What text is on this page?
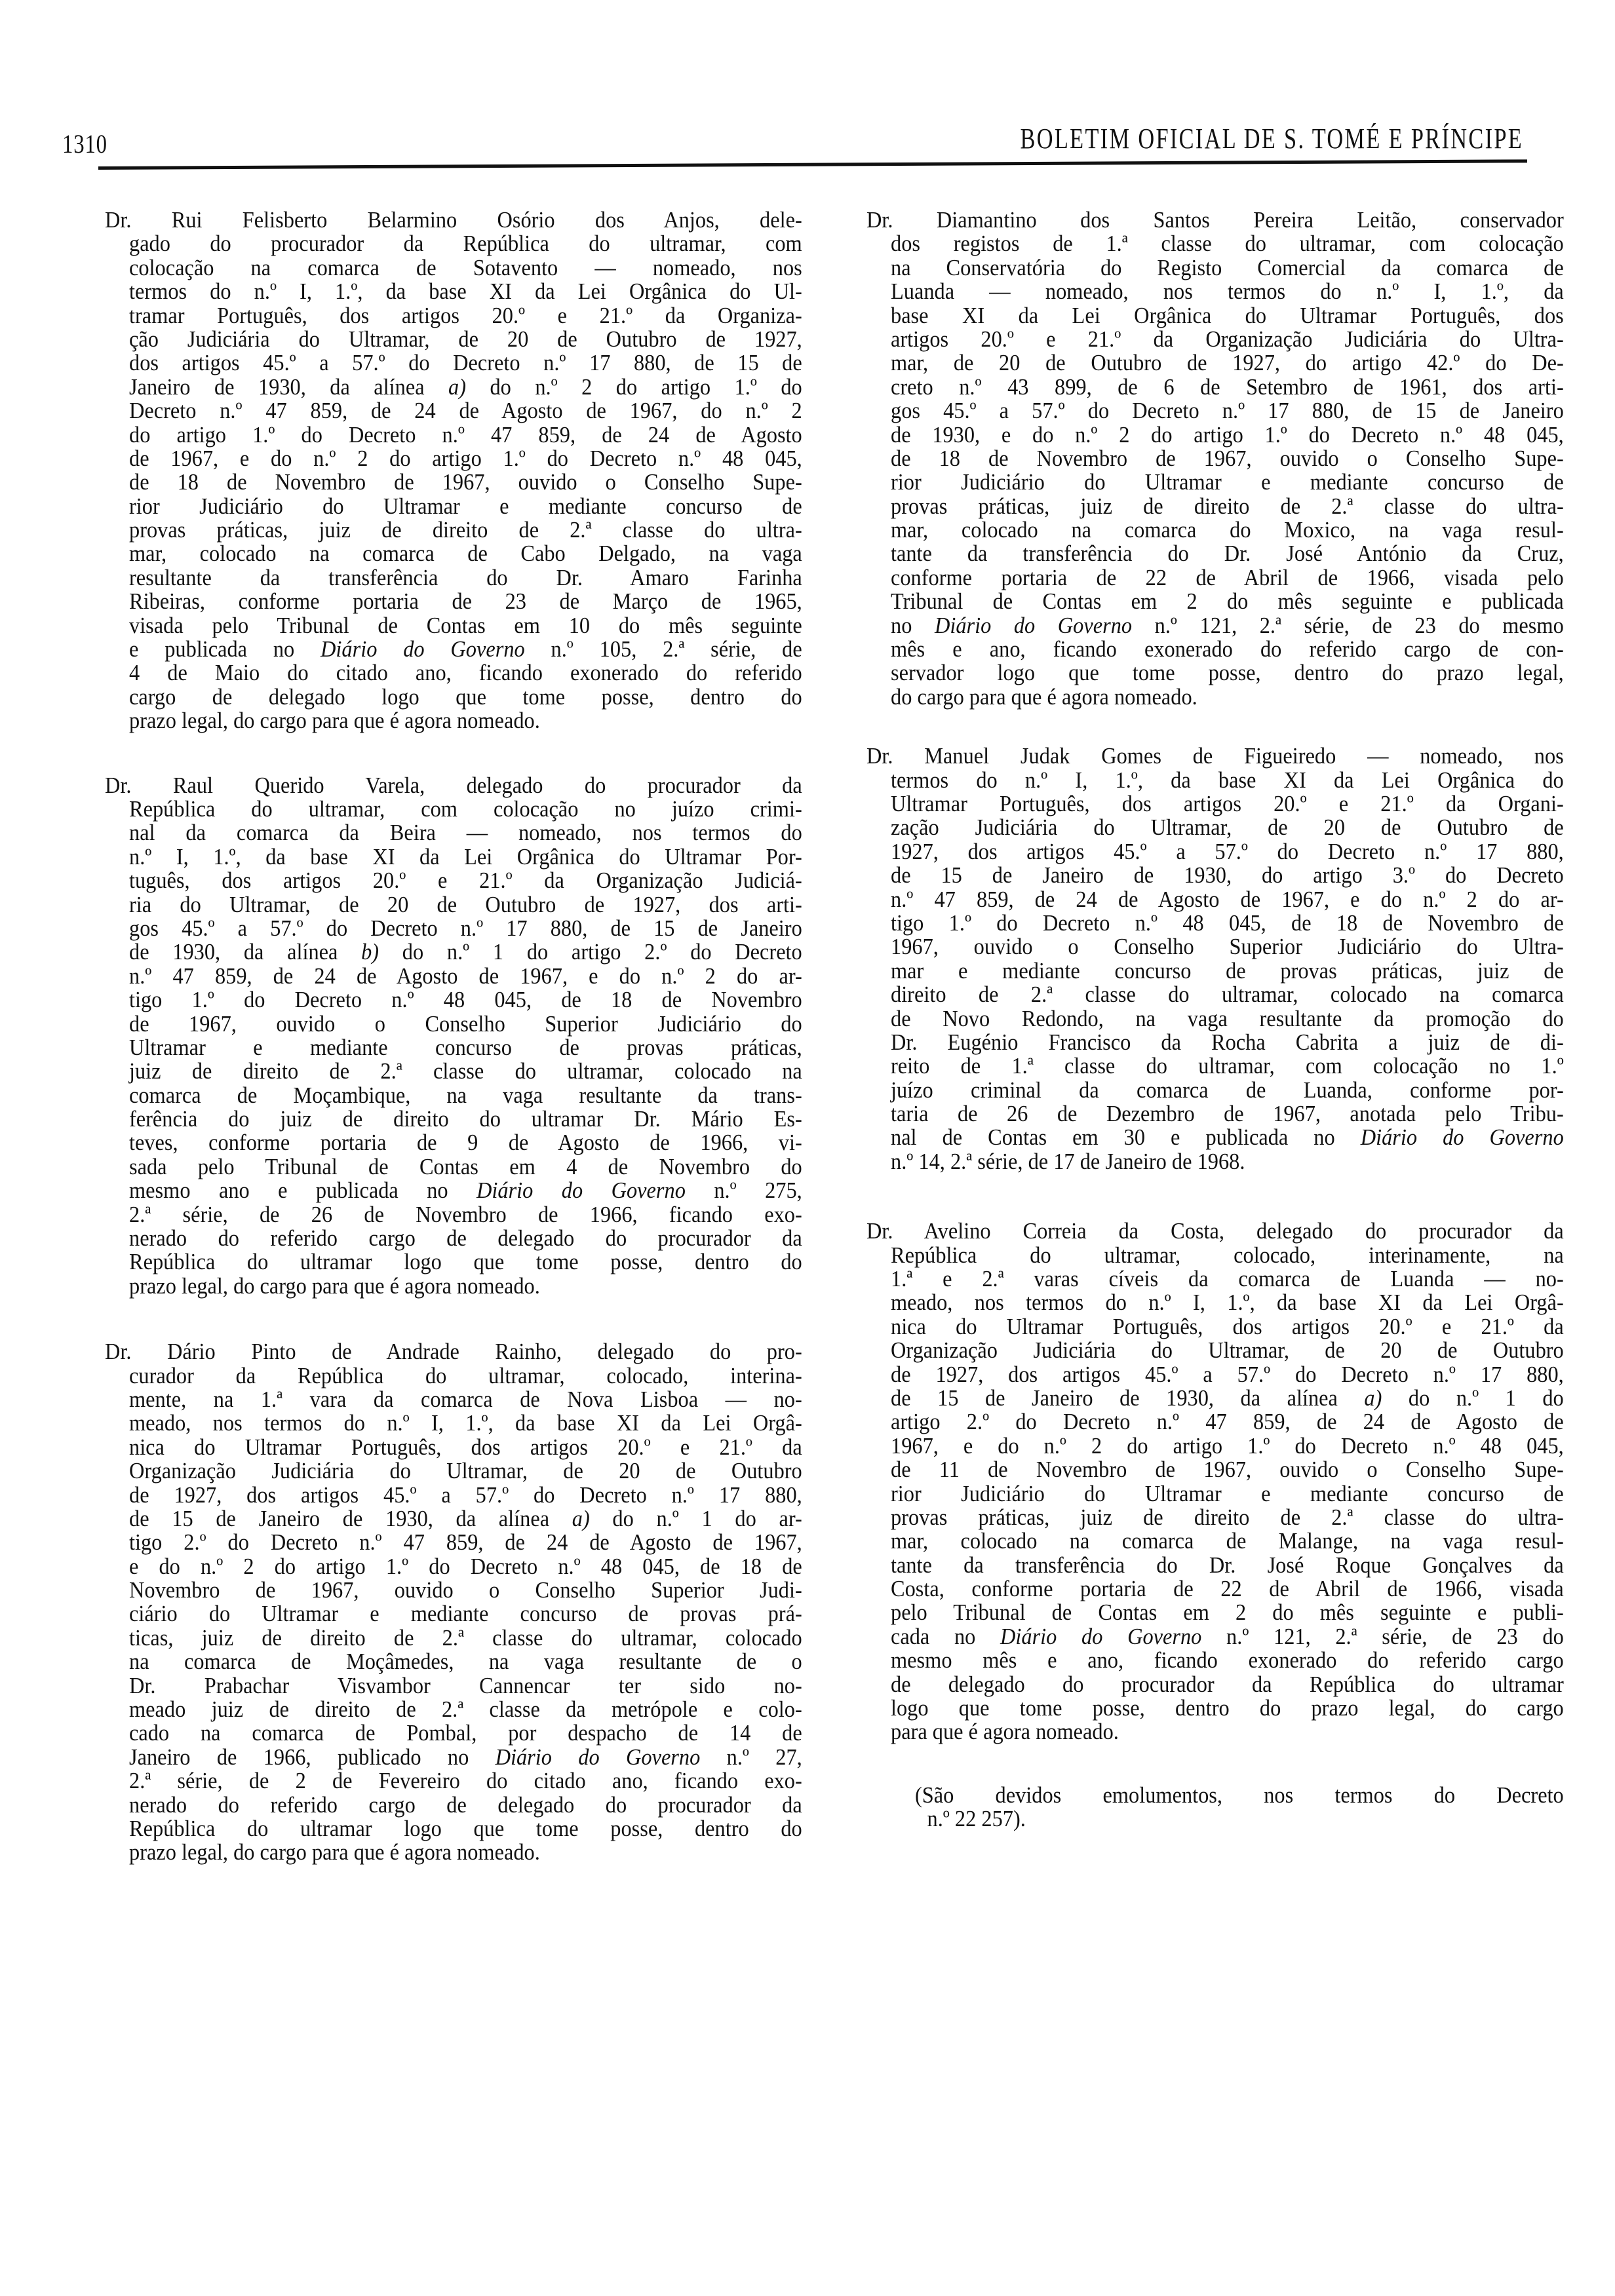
1310	BOLETIM OFICIAL DE S. TOMÉ E PRÍNCIPE
Dr. Rui Felisberto Belarmino Osório dos Anjos, dele-
gado do procurador da República do ultramar, com
colocação na comarca de Sotavento — nomeado, nos
termos do n.º I, 1.º, da base XI da Lei Orgânica do Ul-
tramar Português, dos artigos 20.º e 21.º da Organiza-
ção Judiciária do Ultramar, de 20 de Outubro de 1927,
dos artigos 45.º a 57.º do Decreto n.º 17 880, de 15 de
Janeiro de 1930, da alínea a) do n.º 2 do artigo 1.º do
Decreto n.º 47 859, de 24 de Agosto de 1967, do n.º 2
do artigo 1.º do Decreto n.º 47 859, de 24 de Agosto
de 1967, e do n.º 2 do artigo 1.º do Decreto n.º 48 045,
de 18 de Novembro de 1967, ouvido o Conselho Supe-
rior Judiciário do Ultramar e mediante concurso de
provas práticas, juiz de direito de 2.ª classe do ultra-
mar, colocado na comarca de Cabo Delgado, na vaga
resultante da transferência do Dr. Amaro Farinha
Ribeiras, conforme portaria de 23 de Março de 1965,
visada pelo Tribunal de Contas em 10 do mês seguinte
e publicada no Diário do Governo n.º 105, 2.ª série, de
4 de Maio do citado ano, ficando exonerado do referido
cargo de delegado logo que tome posse, dentro do
prazo legal, do cargo para que é agora nomeado.
Dr. Raul Querido Varela, delegado do procurador da
República do ultramar, com colocação no juízo crimi-
nal da comarca da Beira — nomeado, nos termos do
n.º I, 1.º, da base XI da Lei Orgânica do Ultramar Por-
tuguês, dos artigos 20.º e 21.º da Organização Judiciá-
ria do Ultramar, de 20 de Outubro de 1927, dos arti-
gos 45.º a 57.º do Decreto n.º 17 880, de 15 de Janeiro
de 1930, da alínea b) do n.º 1 do artigo 2.º do Decreto
n.º 47 859, de 24 de Agosto de 1967, e do n.º 2 do ar-
tigo 1.º do Decreto n.º 48 045, de 18 de Novembro
de 1967, ouvido o Conselho Superior Judiciário do
Ultramar e mediante concurso de provas práticas,
juiz de direito de 2.ª classe do ultramar, colocado na
comarca de Moçambique, na vaga resultante da trans-
ferência do juiz de direito do ultramar Dr. Mário Es-
teves, conforme portaria de 9 de Agosto de 1966, vi-
sada pelo Tribunal de Contas em 4 de Novembro do
mesmo ano e publicada no Diário do Governo n.º 275,
2.ª série, de 26 de Novembro de 1966, ficando exo-
nerado do referido cargo de delegado do procurador da
República do ultramar logo que tome posse, dentro do
prazo legal, do cargo para que é agora nomeado.
Dr. Dário Pinto de Andrade Rainho, delegado do pro-
curador da República do ultramar, colocado, interina-
mente, na 1.ª vara da comarca de Nova Lisboa — no-
meado, nos termos do n.º I, 1.º, da base XI da Lei Orgâ-
nica do Ultramar Português, dos artigos 20.º e 21.º da
Organização Judiciária do Ultramar, de 20 de Outubro
de 1927, dos artigos 45.º a 57.º do Decreto n.º 17 880,
de 15 de Janeiro de 1930, da alínea a) do n.º 1 do ar-
tigo 2.º do Decreto n.º 47 859, de 24 de Agosto de 1967,
e do n.º 2 do artigo 1.º do Decreto n.º 48 045, de 18 de
Novembro de 1967, ouvido o Conselho Superior Judi-
ciário do Ultramar e mediante concurso de provas prá-
ticas, juiz de direito de 2.ª classe do ultramar, colocado
na comarca de Moçâmedes, na vaga resultante de o
Dr. Prabachar Visvambor Cannencar ter sido no-
meado juiz de direito de 2.ª classe da metrópole e colo-
cado na comarca de Pombal, por despacho de 14 de
Janeiro de 1966, publicado no Diário do Governo n.º 27,
2.ª série, de 2 de Fevereiro do citado ano, ficando exo-
nerado do referido cargo de delegado do procurador da
República do ultramar logo que tome posse, dentro do
prazo legal, do cargo para que é agora nomeado.
Dr. Diamantino dos Santos Pereira Leitão, conservador
dos registos de 1.ª classe do ultramar, com colocação
na Conservatória do Registo Comercial da comarca de
Luanda — nomeado, nos termos do n.º I, 1.º, da
base XI da Lei Orgânica do Ultramar Português, dos
artigos 20.º e 21.º da Organização Judiciária do Ultra-
mar, de 20 de Outubro de 1927, do artigo 42.º do De-
creto n.º 43 899, de 6 de Setembro de 1961, dos arti-
gos 45.º a 57.º do Decreto n.º 17 880, de 15 de Janeiro
de 1930, e do n.º 2 do artigo 1.º do Decreto n.º 48 045,
de 18 de Novembro de 1967, ouvido o Conselho Supe-
rior Judiciário do Ultramar e mediante concurso de
provas práticas, juiz de direito de 2.ª classe do ultra-
mar, colocado na comarca do Moxico, na vaga resul-
tante da transferência do Dr. José António da Cruz,
conforme portaria de 22 de Abril de 1966, visada pelo
Tribunal de Contas em 2 do mês seguinte e publicada
no Diário do Governo n.º 121, 2.ª série, de 23 do mesmo
mês e ano, ficando exonerado do referido cargo de con-
servador logo que tome posse, dentro do prazo legal,
do cargo para que é agora nomeado.
Dr. Manuel Judak Gomes de Figueiredo — nomeado, nos
termos do n.º I, 1.º, da base XI da Lei Orgânica do
Ultramar Português, dos artigos 20.º e 21.º da Organi-
zação Judiciária do Ultramar, de 20 de Outubro de
1927, dos artigos 45.º a 57.º do Decreto n.º 17 880,
de 15 de Janeiro de 1930, do artigo 3.º do Decreto
n.º 47 859, de 24 de Agosto de 1967, e do n.º 2 do ar-
tigo 1.º do Decreto n.º 48 045, de 18 de Novembro de
1967, ouvido o Conselho Superior Judiciário do Ultra-
mar e mediante concurso de provas práticas, juiz de
direito de 2.ª classe do ultramar, colocado na comarca
de Novo Redondo, na vaga resultante da promoção do
Dr. Eugénio Francisco da Rocha Cabrita a juiz de di-
reito de 1.ª classe do ultramar, com colocação no 1.º
juízo criminal da comarca de Luanda, conforme por-
taria de 26 de Dezembro de 1967, anotada pelo Tribu-
nal de Contas em 30 e publicada no Diário do Governo
n.º 14, 2.ª série, de 17 de Janeiro de 1968.
Dr. Avelino Correia da Costa, delegado do procurador da
República do ultramar, colocado, interinamente, na
1.ª e 2.ª varas cíveis da comarca de Luanda — no-
meado, nos termos do n.º I, 1.º, da base XI da Lei Orgâ-
nica do Ultramar Português, dos artigos 20.º e 21.º da
Organização Judiciária do Ultramar, de 20 de Outubro
de 1927, dos artigos 45.º a 57.º do Decreto n.º 17 880,
de 15 de Janeiro de 1930, da alínea a) do n.º 1 do
artigo 2.º do Decreto n.º 47 859, de 24 de Agosto de
1967, e do n.º 2 do artigo 1.º do Decreto n.º 48 045,
de 11 de Novembro de 1967, ouvido o Conselho Supe-
rior Judiciário do Ultramar e mediante concurso de
provas práticas, juiz de direito de 2.ª classe do ultra-
mar, colocado na comarca de Malange, na vaga resul-
tante da transferência do Dr. José Roque Gonçalves da
Costa, conforme portaria de 22 de Abril de 1966, visada
pelo Tribunal de Contas em 2 do mês seguinte e publi-
cada no Diário do Governo n.º 121, 2.ª série, de 23 do
mesmo mês e ano, ficando exonerado do referido cargo
de delegado do procurador da República do ultramar
logo que tome posse, dentro do prazo legal, do cargo
para que é agora nomeado.
(São devidos emolumentos, nos termos do Decreto
n.º 22 257).
